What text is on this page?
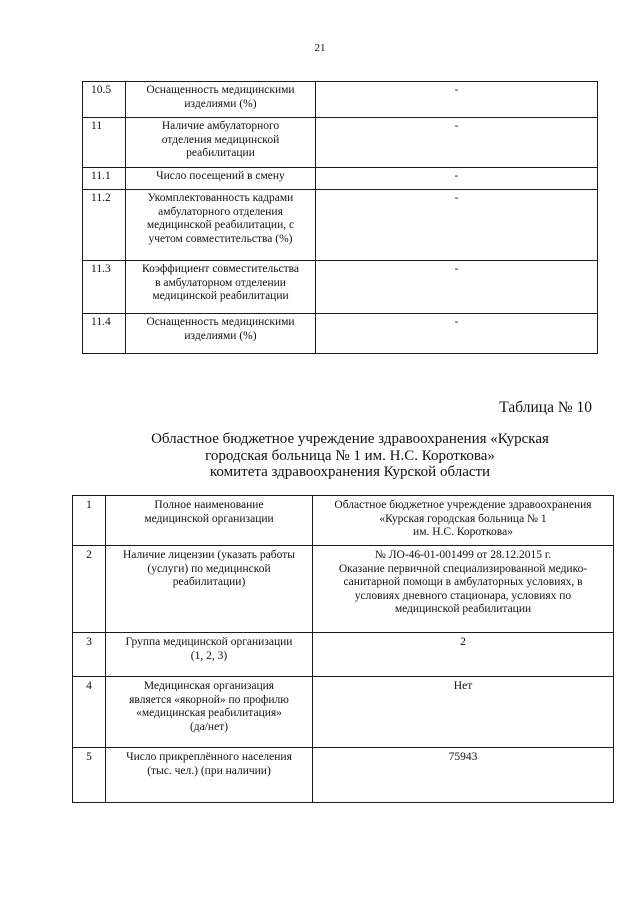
21
10.5	Оснащенность медицинскими
изделиями (%)	-
11	Наличие амбулаторного
отделения медицинской
реабилитации	-
11.1	Число посещений в смену	-
11.2	Укомплектованность кадрами
амбулаторного отделения
медицинской реабилитации, с
учетом совместительства (%)	-
11.3	Коэффициент совместительства
в амбулаторном отделении
медицинской реабилитации	-
11.4	Оснащенность медицинскими
изделиями (%)	-
Таблица № 10
Областное бюджетное учреждение здравоохранения «Курская
городская больница № 1 им. Н.С. Короткова»
комитета здравоохранения Курской области
1	Полное наименование
медицинской организации	Областное бюджетное учреждение здравоохранения
«Курская городская больница № 1
им. Н.С. Короткова»
2	Наличие лицензии (указать работы
(услуги) по медицинской
реабилитации)	№ ЛО-46-01-001499 от 28.12.2015 г.
Оказание первичной специализированной медико-
санитарной помощи в амбулаторных условиях, в
условиях дневного стационара, условиях по
медицинской реабилитации
3	Группа медицинской организации
(1, 2, 3)	2
4	Медицинская организация
является «якорной» по профилю
«медицинская реабилитация»
(да/нет)	Нет
5	Число прикреплённого населения
(тыс. чел.) (при наличии)	75943
